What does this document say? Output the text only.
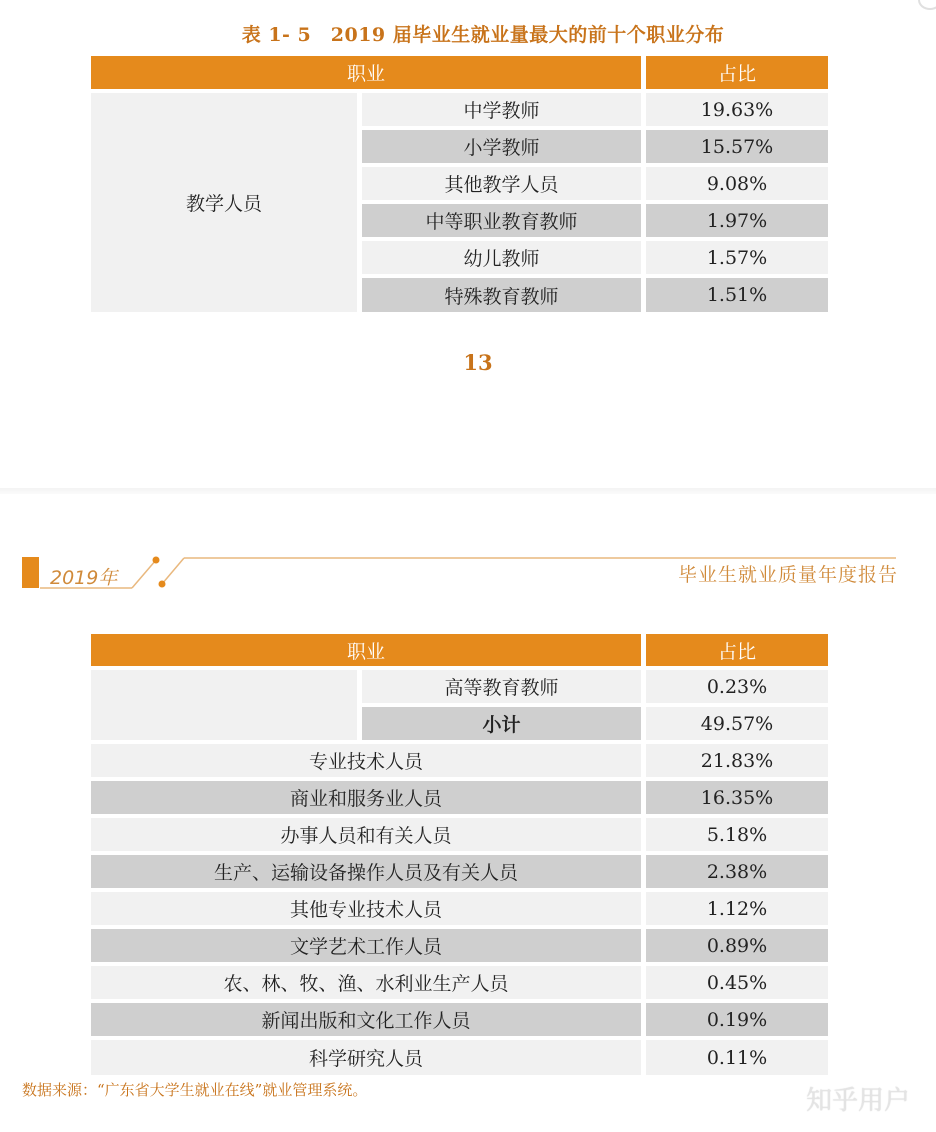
表 1- 5　2019 届毕业生就业量最大的前十个职业分布
职业	占比
教学人员
中学教师	19.63%
小学教师	15.57%
其他教学人员	9.08%
中等职业教育教师	1.97%
幼儿教师	1.57%
特殊教育教师	1.51%
13
2019年	毕业生就业质量年度报告
职业	占比
高等教育教师	0.23%
小计	49.57%
专业技术人员	21.83%
商业和服务业人员	16.35%
办事人员和有关人员	5.18%
生产、运输设备操作人员及有关人员	2.38%
其他专业技术人员	1.12%
文学艺术工作人员	0.89%
农、林、牧、渔、水利业生产人员	0.45%
新闻出版和文化工作人员	0.19%
科学研究人员	0.11%
数据来源：“广东省大学生就业在线”就业管理系统。	知乎用户
